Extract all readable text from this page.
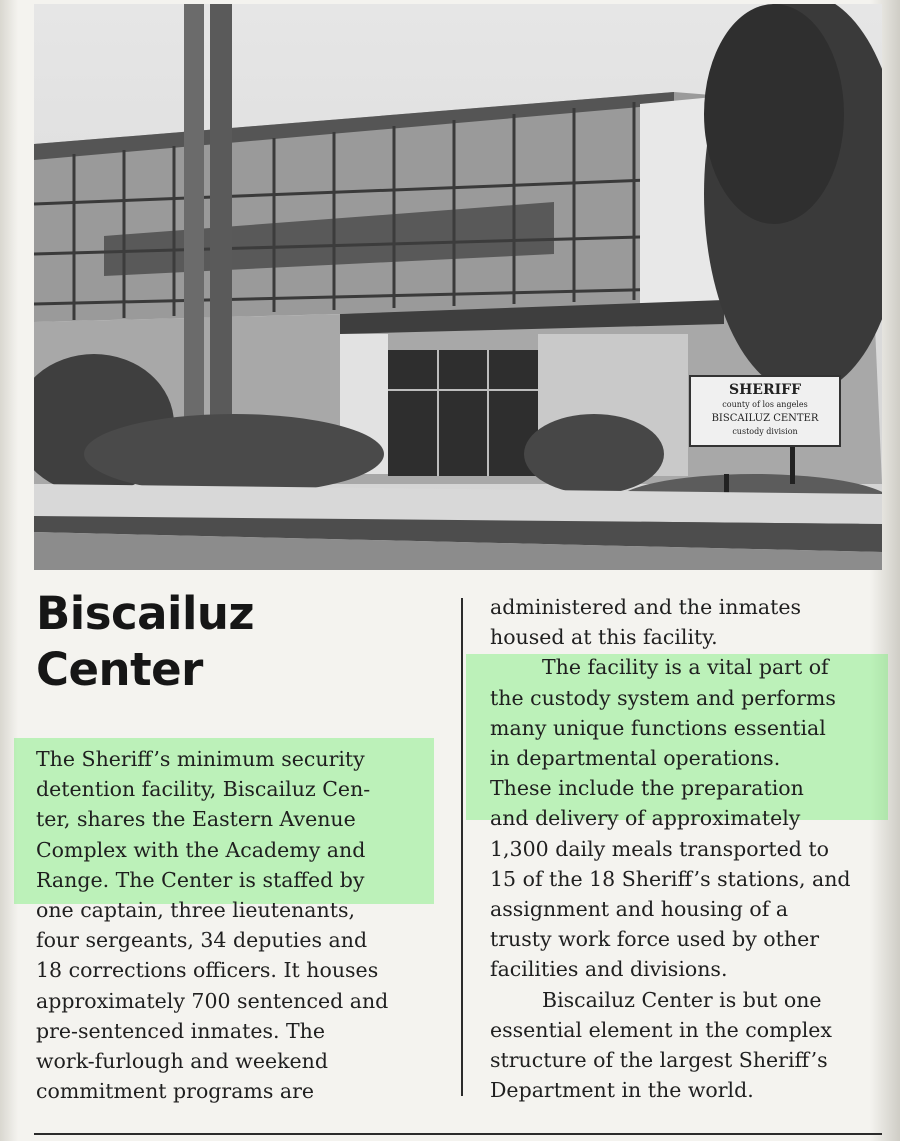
SHERIFF
county of los angeles
BISCAILUZ CENTER
custody division
Biscailuz
Center

The Sheriff’s minimum security

detention facility, Biscailuz Cen-

ter, shares the Eastern Avenue

Complex with the Academy and

Range. The Center is staffed by

one captain, three lieutenants,

four sergeants, 34 deputies and

18 corrections officers. It houses

approximately 700 sentenced and

pre-sentenced inmates. The

work-furlough and weekend

commitment programs are

administered and the inmates

housed at this facility.

The facility is a vital part of

the custody system and performs

many unique functions essential

in departmental operations.

These include the preparation

and delivery of approximately

1,300 daily meals transported to

15 of the 18 Sheriff’s stations, and

assignment and housing of a

trusty work force used by other

facilities and divisions.

Biscailuz Center is but one

essential element in the complex

structure of the largest Sheriff’s

Department in the world.
